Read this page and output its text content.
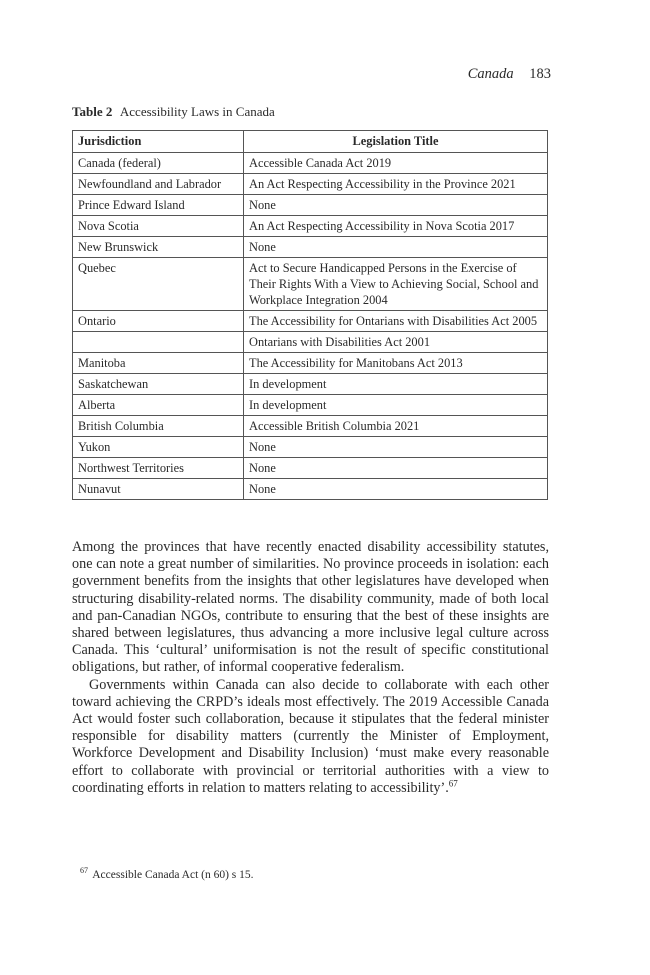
Canada 183
Table 2 Accessibility Laws in Canada
Jurisdiction	Legislation Title
Canada (federal)	Accessible Canada Act 2019
Newfoundland and Labrador	An Act Respecting Accessibility in the Province 2021
Prince Edward Island	None
Nova Scotia	An Act Respecting Accessibility in Nova Scotia 2017
New Brunswick	None
Quebec	Act to Secure Handicapped Persons in the Exercise of Their Rights With a View to Achieving Social, School and Workplace Integration 2004
Ontario	The Accessibility for Ontarians with Disabilities Act 2005
	Ontarians with Disabilities Act 2001
Manitoba	The Accessibility for Manitobans Act 2013
Saskatchewan	In development
Alberta	In development
British Columbia	Accessible British Columbia 2021
Yukon	None
Northwest Territories	None
Nunavut	None

Among the provinces that have recently enacted disability accessibility statutes, one can note a great number of similarities. No province proceeds in isolation: each government benefits from the insights that other legislatures have developed when structuring disability-related norms. The disability community, made of both local and pan-Canadian NGOs, contribute to ensuring that the best of these insights are shared between legislatures, thus advancing a more inclusive legal culture across Canada. This ‘cultural’ uniformisation is not the result of specific constitutional obligations, but rather, of informal cooperative federalism.

Governments within Canada can also decide to collaborate with each other toward achieving the CRPD’s ideals most effectively. The 2019 Accessible Canada Act would foster such collaboration, because it stipulates that the federal minister responsible for disability matters (currently the Minister of Employment, Workforce Development and Disability Inclusion) ‘must make every reasonable effort to collaborate with provincial or territorial authorities with a view to coordinating efforts in relation to matters relating to accessibility’.$^{67}$

$^{67}$ Accessible Canada Act (n 60) s 15.
